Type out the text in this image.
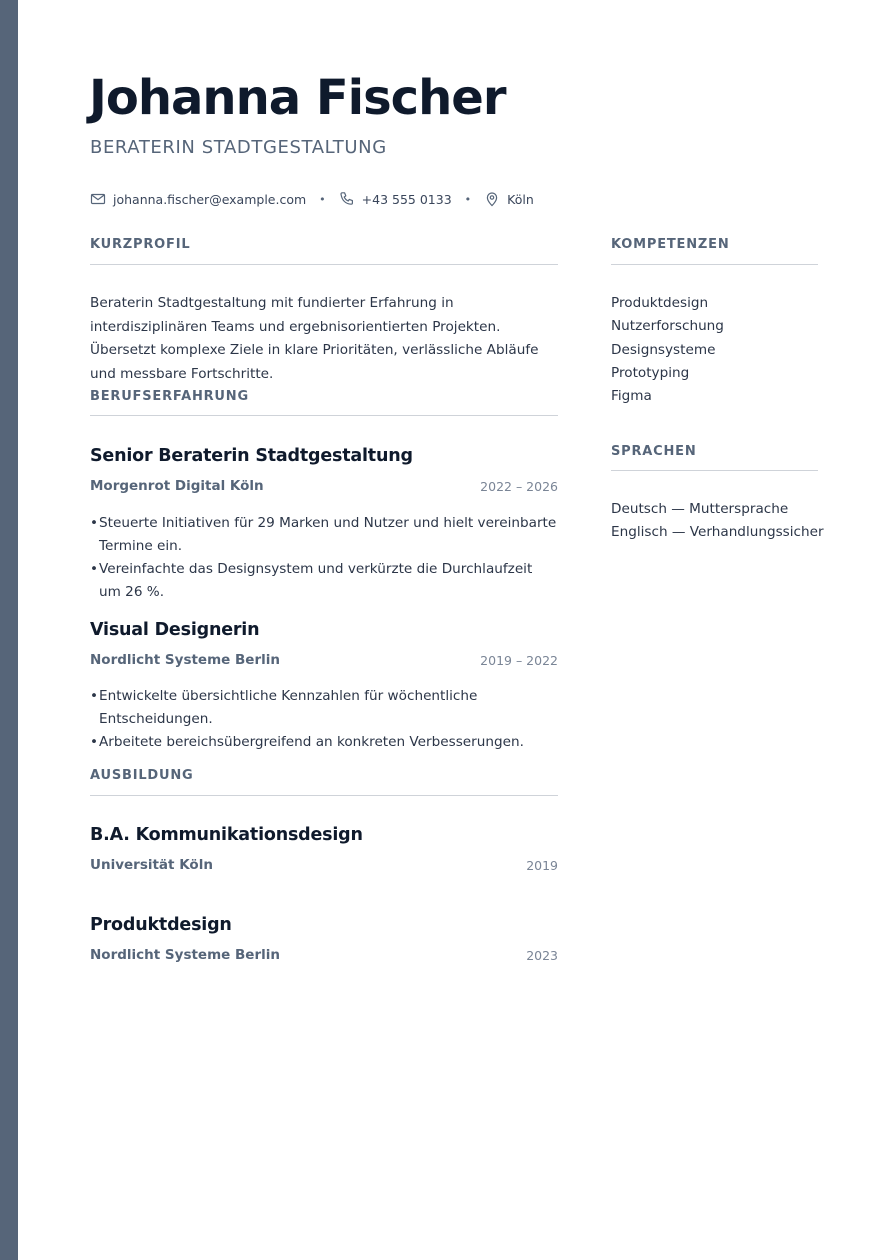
Johanna Fischer
BERATERIN STADTGESTALTUNG
johanna.fischer@example.com •	+43 555 0133 •	Köln
KURZPROFIL

Beraterin Stadtgestaltung mit fundierter Erfahrung in interdisziplinären Teams und ergebnisorientierten Projekten. Übersetzt komplexe Ziele in klare Prioritäten, verlässliche Abläufe und messbare Fortschritte.

BERUFSERFAHRUNG
Senior Beraterin Stadtgestaltung
Morgenrot Digital Köln	2022 – 2026
•Steuerte Initiativen für 29 Marken und Nutzer und hielt vereinbarte Termine ein.
•Vereinfachte das Designsystem und verkürzte die Durchlaufzeit um 26 %.
Visual Designerin
Nordlicht Systeme Berlin	2019 – 2022
•Entwickelte übersichtliche Kennzahlen für wöchentliche Entscheidungen.
•Arbeitete bereichsübergreifend an konkreten Verbesserungen.
AUSBILDUNG
B.A. Kommunikationsdesign
Universität Köln	2019
Produktdesign
Nordlicht Systeme Berlin	2023
KOMPETENZEN
Produktdesign
Nutzerforschung
Designsysteme
Prototyping
Figma
SPRACHEN
Deutsch — Muttersprache
Englisch — Verhandlungssicher
